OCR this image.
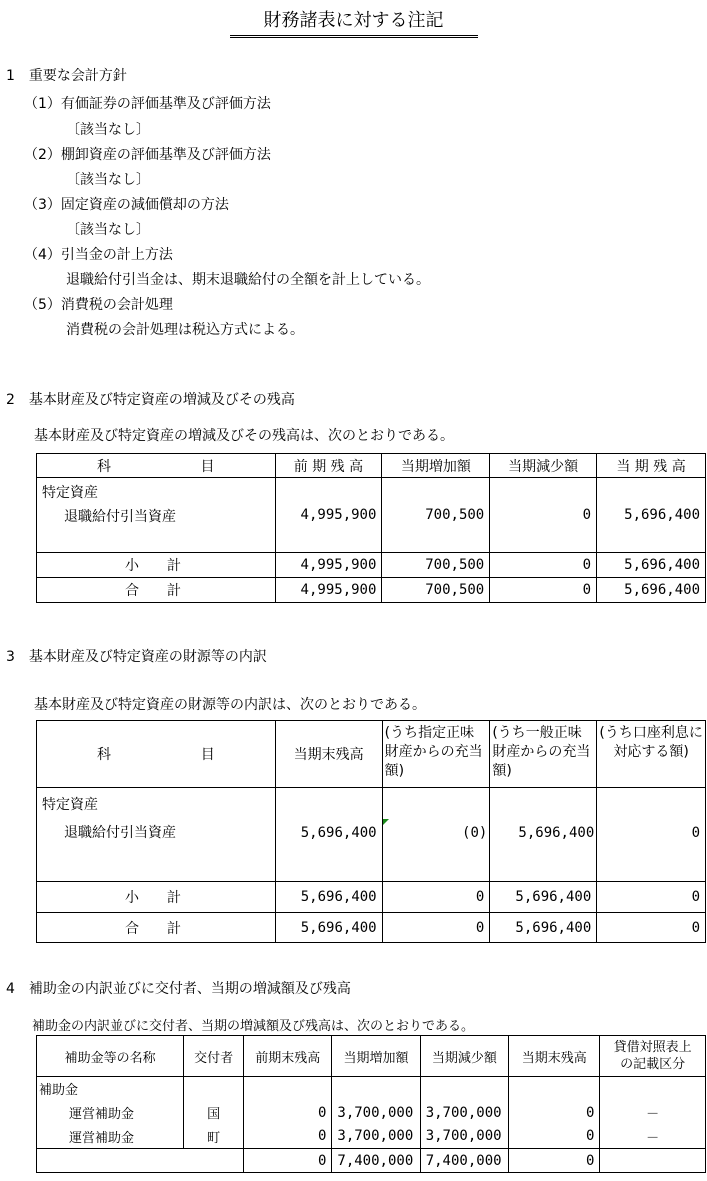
財務諸表に対する注記
1　重要な会計方針
（1）有価証券の評価基準及び評価方法
〔該当なし〕
（2）棚卸資産の評価基準及び評価方法
〔該当なし〕
（3）固定資産の減価償却の方法
〔該当なし〕
（4）引当金の計上方法
退職給付引当金は、期末退職給付の全額を計上している。
（5）消費税の会計処理
消費税の会計処理は税込方式による。
2　基本財産及び特定資産の増減及びその残高
基本財産及び特定資産の増減及びその残高は、次のとおりである。
科 目	前 期 残 高	当期増加額	当期減少額	当 期 残 高

特定資産
退職給付引当資産	4,995,900	700,500	0	5,696,400
小　　計	4,995,900	700,500	0	5,696,400
合　　計	4,995,900	700,500	0	5,696,400
3　基本財産及び特定資産の財源等の内訳
基本財産及び特定資産の財源等の内訳は、次のとおりである。
科 目	当期末残高	(うち指定正味財産からの充当額)	(うち一般正味財産からの充当額)	(うち口座利息に対応する額)

特定資産
退職給付引当資産	5,696,400	(0)	5,696,400	0
小　　計	5,696,400	0	5,696,400	0
合　　計	5,696,400	0	5,696,400	0
4　補助金の内訳並びに交付者、当期の増減額及び残高
補助金の内訳並びに交付者、当期の増減額及び残高は、次のとおりである。
補助金等の名称	交付者	前期末残高	当期増加額	当期減少額	当期末残高	貸借対照表上の記載区分
補助金						
運営補助金	国	0	3,700,000	3,700,000	0	－
運営補助金	町	0	3,700,000	3,700,000	0	－
		0	7,400,000	7,400,000	0	
